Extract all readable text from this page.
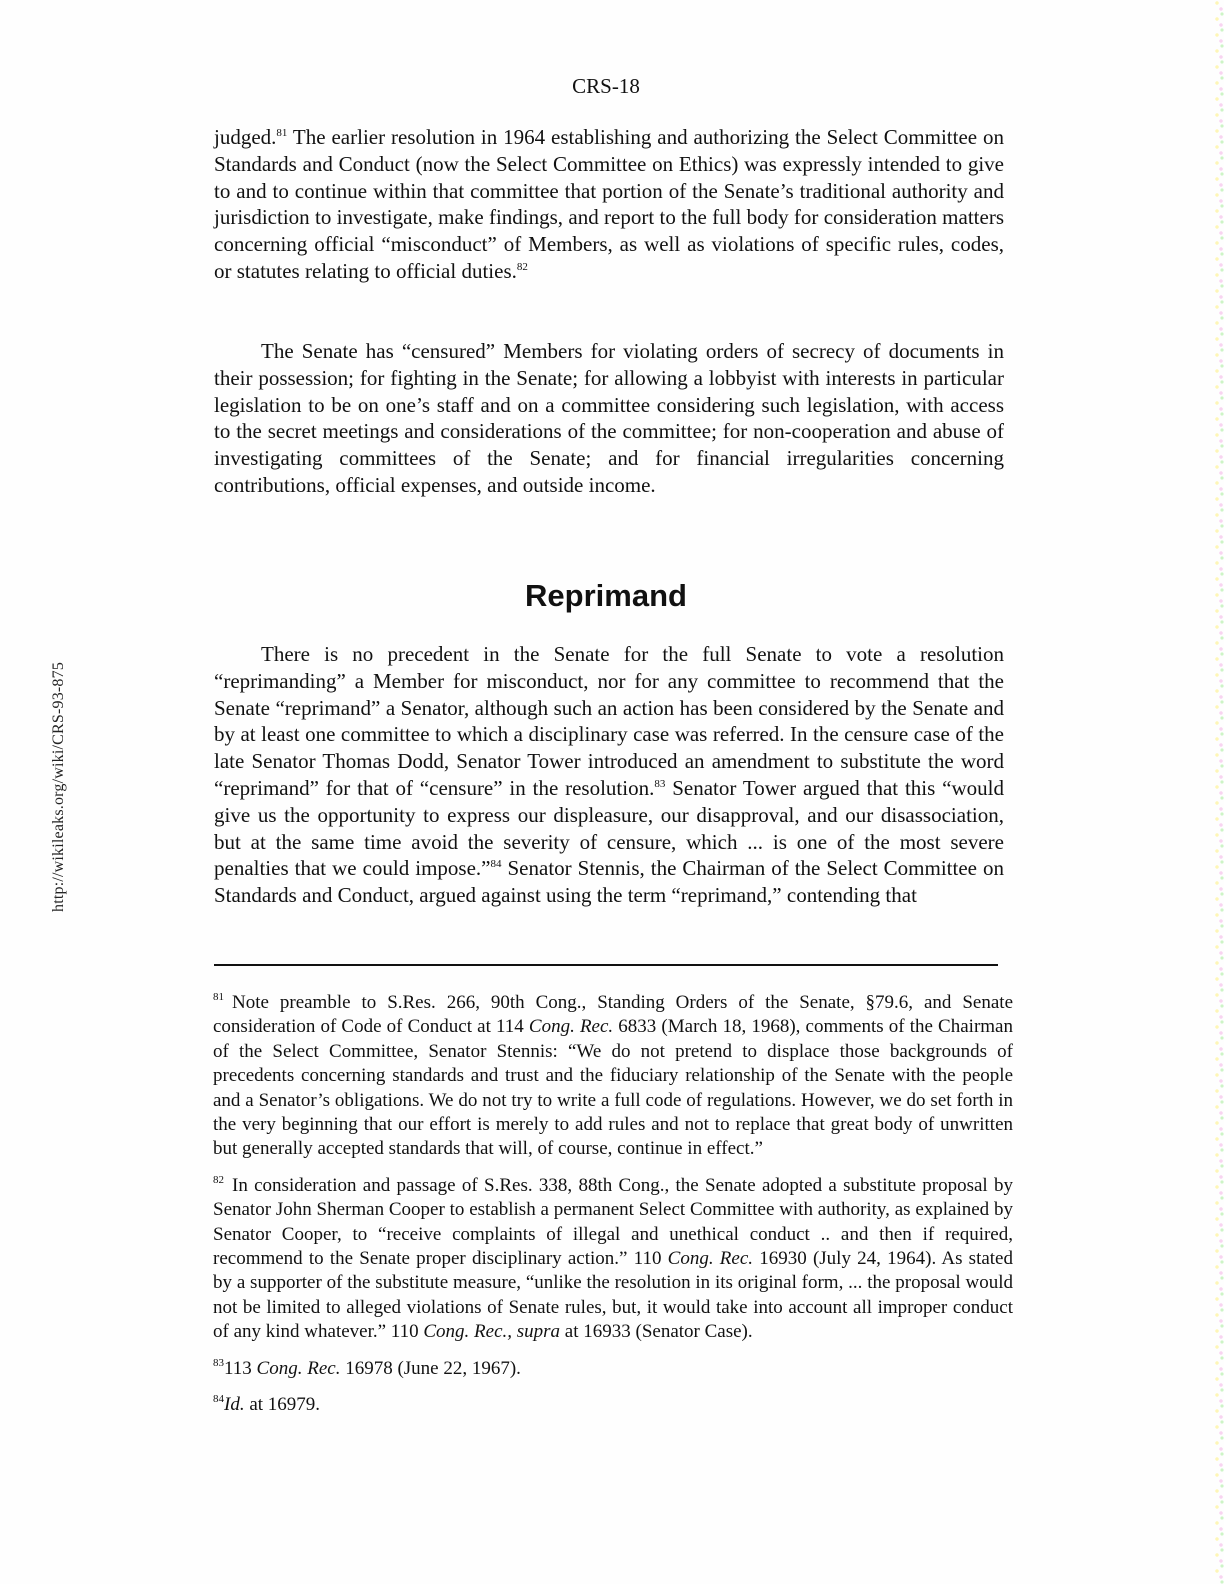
http://wikileaks.org/wiki/CRS-93-875
CRS-18

judged.$^{81}$ The earlier resolution in 1964 establishing and authorizing the Select Committee on Standards and Conduct (now the Select Committee on Ethics) was expressly intended to give to and to continue within that committee that portion of the Senate’s traditional authority and jurisdiction to investigate, make findings, and report to the full body for consideration matters concerning official “misconduct” of Members, as well as violations of specific rules, codes, or statutes relating to official duties.$^{82}$

The Senate has “censured” Members for violating orders of secrecy of documents in their possession; for fighting in the Senate; for allowing a lobbyist with interests in particular legislation to be on one’s staff and on a committee considering such legislation, with access to the secret meetings and considerations of the committee; for non-cooperation and abuse of investigating committees of the Senate; and for financial irregularities concerning contributions, official expenses, and outside income.

Reprimand

There is no precedent in the Senate for the full Senate to vote a resolution “reprimanding” a Member for misconduct, nor for any committee to recommend that the Senate “reprimand” a Senator, although such an action has been considered by the Senate and by at least one committee to which a disciplinary case was referred. In the censure case of the late Senator Thomas Dodd, Senator Tower introduced an amendment to substitute the word “reprimand” for that of “censure” in the resolution.$^{83}$ Senator Tower argued that this “would give us the opportunity to express our displeasure, our disapproval, and our disassociation, but at the same time avoid the severity of censure, which ... is one of the most severe penalties that we could impose.”$^{84}$ Senator Stennis, the Chairman of the Select Committee on Standards and Conduct, argued against using the term “reprimand,” contending that

$^{81}$ Note preamble to S.Res. 266, 90th Cong., Standing Orders of the Senate, §79.6, and Senate consideration of Code of Conduct at 114 Cong. Rec. 6833 (March 18, 1968), comments of the Chairman of the Select Committee, Senator Stennis: “We do not pretend to displace those backgrounds of precedents concerning standards and trust and the fiduciary relationship of the Senate with the people and a Senator’s obligations. We do not try to write a full code of regulations. However, we do set forth in the very beginning that our effort is merely to add rules and not to replace that great body of unwritten but generally accepted standards that will, of course, continue in effect.”

$^{82}$ In consideration and passage of S.Res. 338, 88th Cong., the Senate adopted a substitute proposal by Senator John Sherman Cooper to establish a permanent Select Committee with authority, as explained by Senator Cooper, to “receive complaints of illegal and unethical conduct .. and then if required, recommend to the Senate proper disciplinary action.” 110 Cong. Rec. 16930 (July 24, 1964). As stated by a supporter of the substitute measure, “unlike the resolution in its original form, ... the proposal would not be limited to alleged violations of Senate rules, but, it would take into account all improper conduct of any kind whatever.” 110 Cong. Rec., supra at 16933 (Senator Case).

$^{83}$113 Cong. Rec. 16978 (June 22, 1967).

$^{84}$Id. at 16979.
